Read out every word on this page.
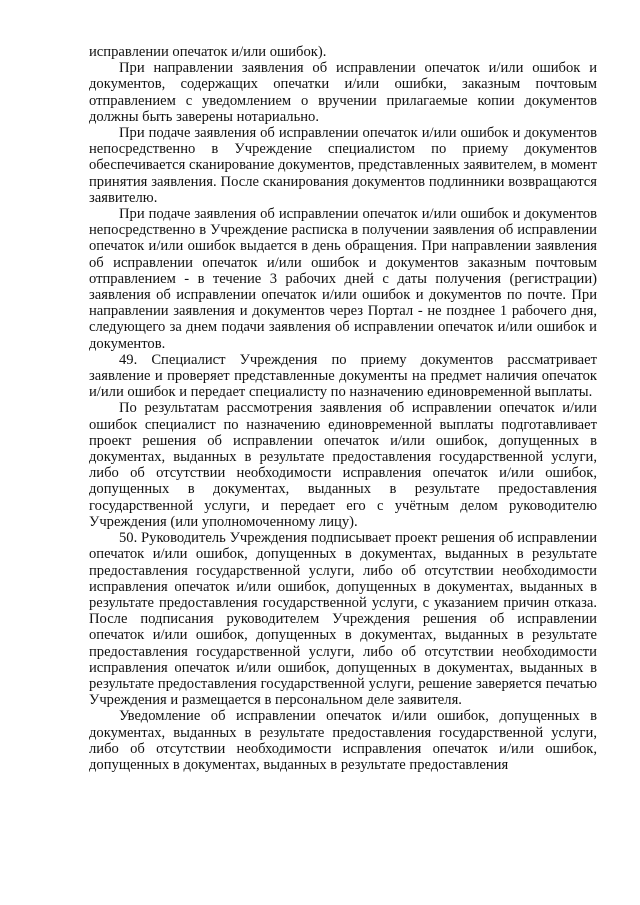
исправлении опечаток и/или ошибок).

При направлении заявления об исправлении опечаток и/или ошибок и документов, содержащих опечатки и/или ошибки, заказным почтовым отправлением с уведомлением о вручении прилагаемые копии документов должны быть заверены нотариально.

При подаче заявления об исправлении опечаток и/или ошибок и документов непосредственно в Учреждение специалистом по приему документов обеспечивается сканирование документов, представленных заявителем, в момент принятия заявления. После сканирования документов подлинники возвращаются заявителю.

При подаче заявления об исправлении опечаток и/или ошибок и документов непосредственно в Учреждение расписка в получении заявления об исправлении опечаток и/или ошибок выдается в день обращения. При направлении заявления об исправлении опечаток и/или ошибок и документов заказным почтовым отправлением - в течение 3 рабочих дней с даты получения (регистрации) заявления об исправлении опечаток и/или ошибок и документов по почте. При направлении заявления и документов через Портал - не позднее 1 рабочего дня, следующего за днем подачи заявления об исправлении опечаток и/или ошибок и документов.

49. Специалист Учреждения по приему документов рассматривает заявление и проверяет представленные документы на предмет наличия опечаток и/или ошибок и передает специалисту по назначению единовременной выплаты.

По результатам рассмотрения заявления об исправлении опечаток и/или ошибок специалист по назначению единовременной выплаты подготавливает проект решения об исправлении опечаток и/или ошибок, допущенных в документах, выданных в результате предоставления государственной услуги, либо об отсутствии необходимости исправления опечаток и/или ошибок, допущенных в документах, выданных в результате предоставления государственной услуги, и передает его с учётным делом руководителю Учреждения (или уполномоченному лицу).

50. Руководитель Учреждения подписывает проект решения об исправлении опечаток и/или ошибок, допущенных в документах, выданных в результате предоставления государственной услуги, либо об отсутствии необходимости исправления опечаток и/или ошибок, допущенных в документах, выданных в результате предоставления государственной услуги, с указанием причин отказа. После подписания руководителем Учреждения решения об исправлении опечаток и/или ошибок, допущенных в документах, выданных в результате предоставления государственной услуги, либо об отсутствии необходимости исправления опечаток и/или ошибок, допущенных в документах, выданных в результате предоставления государственной услуги, решение заверяется печатью Учреждения и размещается в персональном деле заявителя.

Уведомление об исправлении опечаток и/или ошибок, допущенных в документах, выданных в результате предоставления государственной услуги, либо об отсутствии необходимости исправления опечаток и/или ошибок, допущенных в документах, выданных в результате предоставления
